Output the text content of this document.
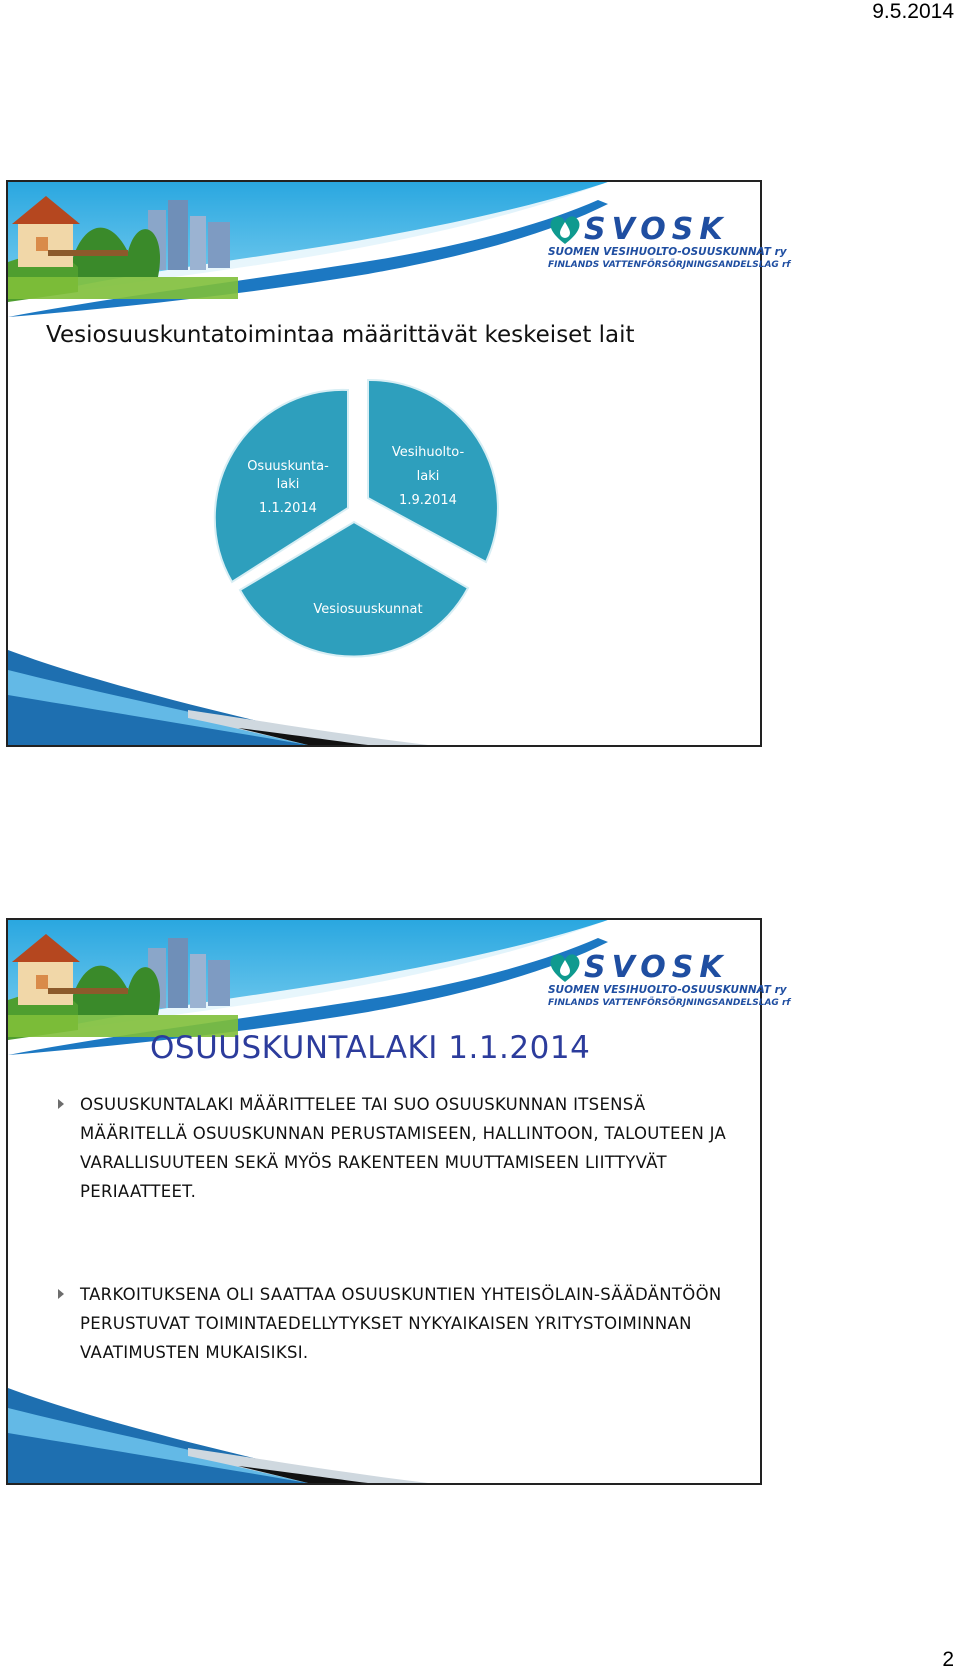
9.5.2014
SVOSK
SUOMEN VESIHUOLTO-OSUUSKUNNAT ry
FINLANDS VATTENFÖRSÖRJNINGSANDELSLAG rf
Vesiosuuskuntatoimintaa määrittävät keskeiset lait
Osuuskunta-
laki
1.1.2014
Vesihuolto-
laki
1.9.2014
Vesiosuuskunnat
SVOSK
SUOMEN VESIHUOLTO-OSUUSKUNNAT ry
FINLANDS VATTENFÖRSÖRJNINGSANDELSLAG rf
OSUUSKUNTALAKI 1.1.2014

OSUUSKUNTALAKI MÄÄRITTELEE TAI SUO OSUUSKUNNAN ITSENSÄ MÄÄRITELLÄ OSUUSKUNNAN PERUSTAMISEEN, HALLINTOON, TALOUTEEN JA VARALLISUUTEEN SEKÄ MYÖS RAKENTEEN MUUTTAMISEEN LIITTYVÄT PERIAATTEET.

TARKOITUKSENA OLI SAATTAA OSUUSKUNTIEN YHTEISÖLAIN-SÄÄDÄNTÖÖN PERUSTUVAT TOIMINTAEDELLYTYKSET NYKYAIKAISEN YRITYSTOIMINNAN VAATIMUSTEN MUKAISIKSI.

2
